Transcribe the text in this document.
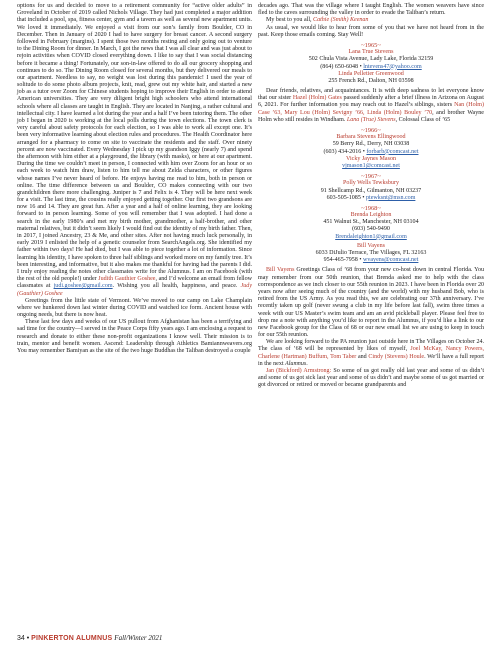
options for us and decided to move to a retirement community for “active older adults” in Groveland in October of 2019 called Nichols Village. They had just completed a major addition that included a pool, spa, fitness center, gym and a tavern as well as several new apartment units. We loved it immediately. We enjoyed a visit from our son’s family from Boulder, CO in December. Then in January of 2020 I had to have surgery for breast cancer. A second surgery followed in February (margins). I spent those two months resting and only going out to venture to the Dining Room for dinner. In March, I got the news that I was all clear and was just about to rejoin activities when COVID closed everything down. I like to say that I was social distancing before it became a thing! Fortunately, our son-in-law offered to do all our grocery shopping and continues to do so. The Dining Room closed for several months, but they delivered our meals to our apartment. Needless to say, no weight was lost during this pandemic! I used the year of solitude to do some photo album projects, knit, read, grew out my white hair, and started a new job as a tutor over Zoom for Chinese students hoping to improve their English in order to attend American universities. They are very diligent bright high schoolers who attend international schools where all classes are taught in English. They are located in Nanjing, a rather cultural and intellectual city. I have learned a lot during the year and a half I’ve been tutoring them. The other job I began in 2020 is working at the local polls during the town elections. The town clerk is very careful about safety protocols for each election, so I was able to work all except one. It’s been very informative learning about election rules and procedures. The Health Coordinator here arranged for a pharmacy to come on site to vaccinate the residents and the staff. Over ninety percent are now vaccinated. Every Wednesday I pick up my grandson Iggy (nearly 7) and spend the afternoon with him either at a playground, the library (with masks), or here at our apartment. During the time we couldn’t meet in person, I connected with him over Zoom for an hour or so each week to watch him draw, listen to him tell me about Zelda characters, or other figures whose names I’ve never heard of before. He enjoys having me read to him, both in person or online. The time difference between us and Boulder, CO makes connecting with our two grandchildren there more challenging. Juniper is 7 and Felix is 4. They will be here next week for a visit. The last time, the cousins really enjoyed getting together. Our first two grandsons are now 16 and 14. They are great fun. After a year and a half of online learning, they are looking forward to in person learning. Some of you will remember that I was adopted. I had done a search in the early 1980’s and met my birth mother, grandmother, a half-brother, and other maternal relatives, but it didn’t seem likely I would find out the identity of my birth father. Then, in 2017, I joined Ancestry, 23 & Me, and other sites. After not having much luck personally, in early 2019 I enlisted the help of a genetic counselor from SearchAngels.org. She identified my father within two days! He had died, but I was able to piece together a lot of information. Since learning his identity, I have spoken to three half siblings and worked more on my family tree. It’s been interesting, and informative, but it also makes me thankful for having had the parents I did. I truly enjoy reading the notes other classmates write for the Alumnus. I am on Facebook (with the rest of the old people!) under Judith Gauthier Goshee, and I’d welcome an email from fellow classmates at judi.goshee@gmail.com. Wishing you all health, happiness, and peace. Judy (Gauthier) Goshee

Greetings from the little state of Vermont. We’ve moved to our camp on Lake Champlain where we hunkered down last winter during COVID and watched ice form. Ancient house with ongoing needs, but there is now heat.

These last few days and weeks of our US pullout from Afghanistan has been a terrifying and sad time for the country—I served in the Peace Corps fifty years ago. I am enclosing a request to research and donate to either these non-profit organizations I know well. Their mission is to train, mentor and benefit women. Ascend: Leadership through Athletics Bamiannweavers.org You may remember Bamiyan as the site of the two huge Buddhas the Taliban destroyed a couple

decades ago. That was the village where I taught English. The women weavers have since fled to the caves surrounding the valley in order to evade the Taliban’s return.

My best to you all, Cathie (Smith) Keenan

As usual, we would like to hear from some of you that we have not heard from in the past. Keep those emails coming. Stay Well!

~1965~

Lana True Stevens

502 Chula Vista Avenue, Lady Lake, Florida 32159

(864) 650-6048 • lntevens47@yahoo.com

Linda Pelletier Greenwood

255 French Rd., Dalton, NH 03598

Dear friends, relatives, and acquaintances. It is with deep sadness to let everyone know that our sister Hazel (Holm) Gates passed suddenly after a brief illness in Arizona on August 6, 2021. For further information you may reach out to Hazel’s siblings, sisters Nan (Holm) Case ’63, Mary Lou (Holm) Sevigny ’66, Linda (Holm) Bouley ’70, and brother Wayne Holm who still resides in Windham. Lana (True) Stevens, Colossal Class of ’65

~1966~

Barbara Stevens Ellingwood

59 Berry Rd., Derry, NH 03038

(603) 434-2016 • forbarb@comcast.net

Vicky Jaynes Mason

vjmason1@comcast.net

~1967~

Polly Wells Tewksbury

91 Shellcamp Rd., Gilmanton, NH 03237

603-505-1085 • ptewksnt@msn.com

~1968~

Brenda Leighton

451 Walnut St., Manchester, NH 03104

(603) 540-9490

Brendaleighton1@gmail.com

Bill Vayens

6033 DiJulio Terrace, The Villages, FL 32163

954-465-7958 • wvayens@comcast.net

Bill Vayens Greetings Class of ’68 from your new co-host down in central Florida. You may remember from our 50th reunion, that Brenda asked me to help with the class correspondence as we inch closer to our 55th reunion in 2023. I have been in Florida over 20 years now after seeing much of the country (and the world) with my husband Bob, who is retired from the US Army. As you read this, we are celebrating our 37th anniversary. I’ve recently taken up golf (never swung a club in my life before last fall), swim three times a week with our US Master’s swim team and am an avid pickleball player. Please feel free to drop me a note with anything you’d like to report in the Alumnus, if you’d like a link to our new Facebook group for the Class of 68 or our new email list we are using to keep in touch for our 55th reunion.

We are looking forward to the PA reunion just outside here in The Villages on October 24. The class of ’68 will be represented by likes of myself, Joel McKay, Nancy Powers, Charlene (Hartman) Buffum, Tom Taber and Cindy (Stevens) Houle. We’ll have a full report in the next Alumnus.

Jan (Bickford) Armstrong: So some of us got really old last year and some of us didn’t and some of us got sick last year and some of us didn’t and maybe some of us got married or got divorced or retired or moved or became grandparents and

34 • PINKERTON ALUMNUS Fall/Winter 2021
